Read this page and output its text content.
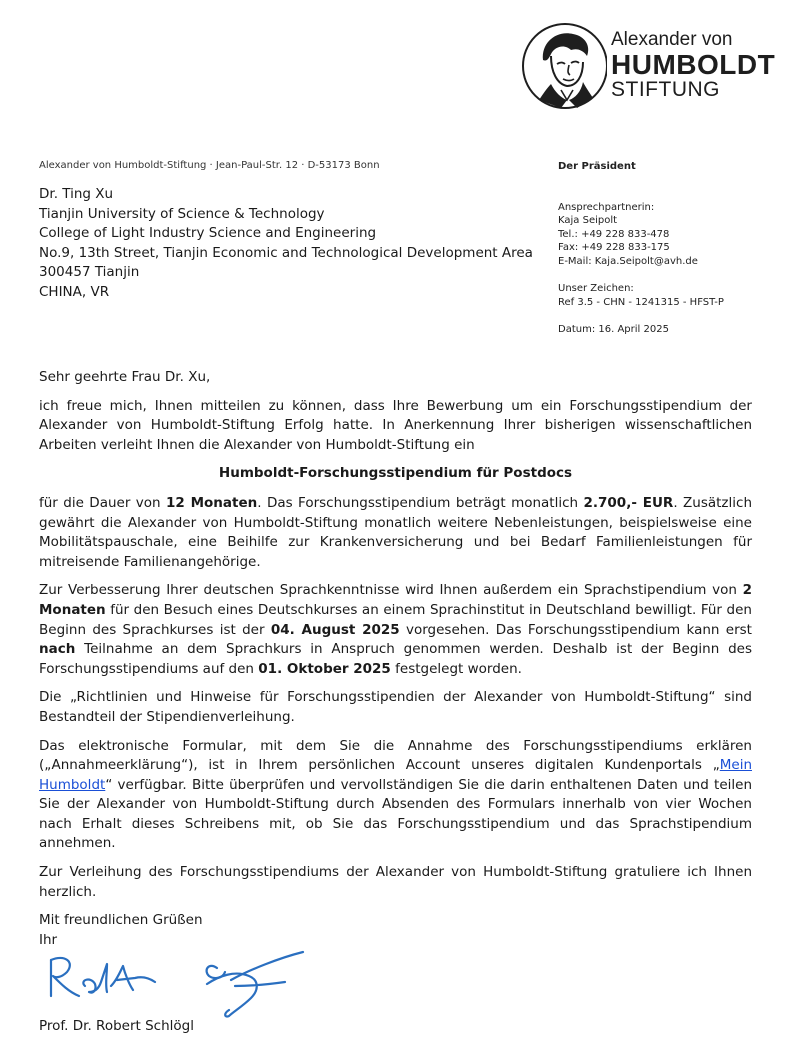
Alexander von
HUMBOLDT
STIFTUNG
Alexander von Humboldt-Stiftung · Jean-Paul-Str. 12 · D-53173 Bonn
Dr. Ting Xu
Tianjin University of Science & Technology
College of Light Industry Science and Engineering
No.9, 13th Street, Tianjin Economic and Technological Development Area
300457 Tianjin
CHINA, VR
Der Präsident
Ansprechpartnerin:
Kaja Seipolt
Tel.: +49 228 833-478
Fax: +49 228 833-175
E-Mail: Kaja.Seipolt@avh.de
Unser Zeichen:
Ref 3.5 - CHN - 1241315 - HFST-P
Datum: 16. April 2025

Sehr geehrte Frau Dr. Xu,

ich freue mich, Ihnen mitteilen zu können, dass Ihre Bewerbung um ein Forschungsstipendium der Alexander von Humboldt-Stiftung Erfolg hatte. In Anerkennung Ihrer bisherigen wissenschaftlichen Arbeiten verleiht Ihnen die Alexander von Humboldt-Stiftung ein

Humboldt-Forschungsstipendium für Postdocs

für die Dauer von 12 Monaten. Das Forschungsstipendium beträgt monatlich 2.700,- EUR. Zusätzlich gewährt die Alexander von Humboldt-Stiftung monatlich weitere Nebenleistungen, beispielsweise eine Mobilitätspauschale, eine Beihilfe zur Krankenversicherung und bei Bedarf Familienleistungen für mitreisende Familienangehörige.

Zur Verbesserung Ihrer deutschen Sprachkenntnisse wird Ihnen außerdem ein Sprachstipendium von 2 Monaten für den Besuch eines Deutschkurses an einem Sprachinstitut in Deutschland bewilligt. Für den Beginn des Sprachkurses ist der 04. August 2025 vorgesehen. Das Forschungsstipendium kann erst nach Teilnahme an dem Sprachkurs in Anspruch genommen werden. Deshalb ist der Beginn des Forschungsstipendiums auf den 01. Oktober 2025 festgelegt worden.

Die „Richtlinien und Hinweise für Forschungsstipendien der Alexander von Humboldt-Stiftung“ sind Bestandteil der Stipendienverleihung.

Das elektronische Formular, mit dem Sie die Annahme des Forschungsstipendiums erklären („Annahmeerklärung“), ist in Ihrem persönlichen Account unseres digitalen Kundenportals „Mein Humboldt“ verfügbar. Bitte überprüfen und vervollständigen Sie die darin enthaltenen Daten und teilen Sie der Alexander von Humboldt-Stiftung durch Absenden des Formulars innerhalb von vier Wochen nach Erhalt dieses Schreibens mit, ob Sie das Forschungsstipendium und das Sprachstipendium annehmen.

Zur Verleihung des Forschungsstipendiums der Alexander von Humboldt-Stiftung gratuliere ich Ihnen herzlich.

Mit freundlichen Grüßen
Ihr
Prof. Dr. Robert Schlögl
